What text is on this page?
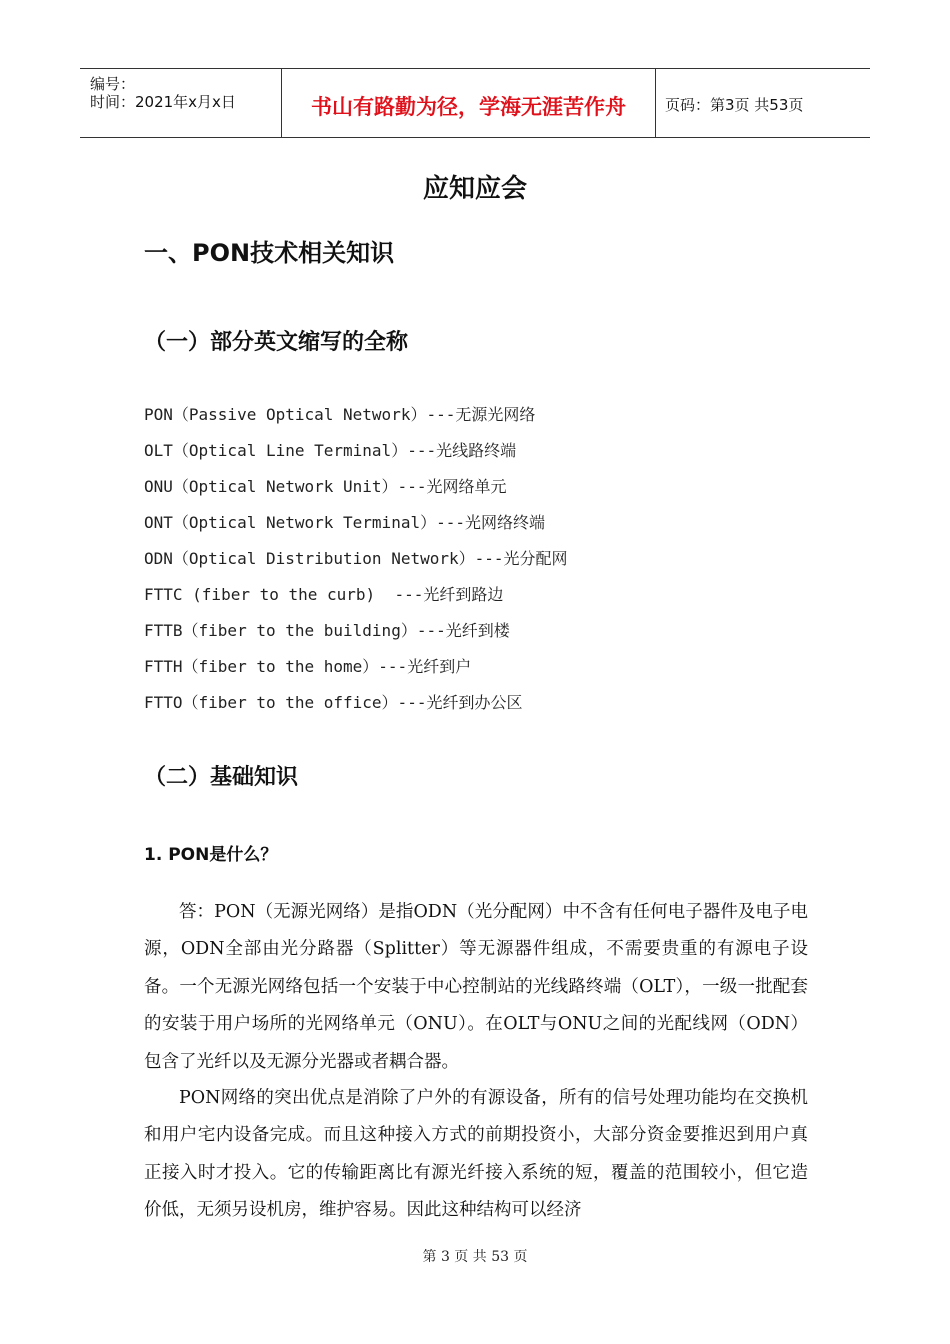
编号：
时间：2021年x月x日	书山有路勤为径，学海无涯苦作舟	页码：第3页 共53页
应知应会
一、PON技术相关知识
（一）部分英文缩写的全称
PON（Passive Optical Network）---无源光网络
OLT（Optical Line Terminal）---光线路终端
ONU（Optical Network Unit）---光网络单元
ONT（Optical Network Terminal）---光网络终端
ODN（Optical Distribution Network）---光分配网
FTTC (fiber to the curb)  ---光纤到路边
FTTB（fiber to the building）---光纤到楼
FTTH（fiber to the home）---光纤到户
FTTO（fiber to the office）---光纤到办公区
（二）基础知识
1. PON是什么？

答：PON（无源光网络）是指ODN（光分配网）中不含有任何电子器件及电子电源，ODN全部由光分路器（Splitter）等无源器件组成，不需要贵重的有源电子设备。一个无源光网络包括一个安装于中心控制站的光线路终端（OLT），一级一批配套的安装于用户场所的光网络单元（ONU）。在OLT与ONU之间的光配线网（ODN）包含了光纤以及无源分光器或者耦合器。

PON网络的突出优点是消除了户外的有源设备，所有的信号处理功能均在交换机和用户宅内设备完成。而且这种接入方式的前期投资小，大部分资金要推迟到用户真正接入时才投入。它的传输距离比有源光纤接入系统的短，覆盖的范围较小，但它造价低，无须另设机房，维护容易。因此这种结构可以经济

第 3 页 共 53 页
